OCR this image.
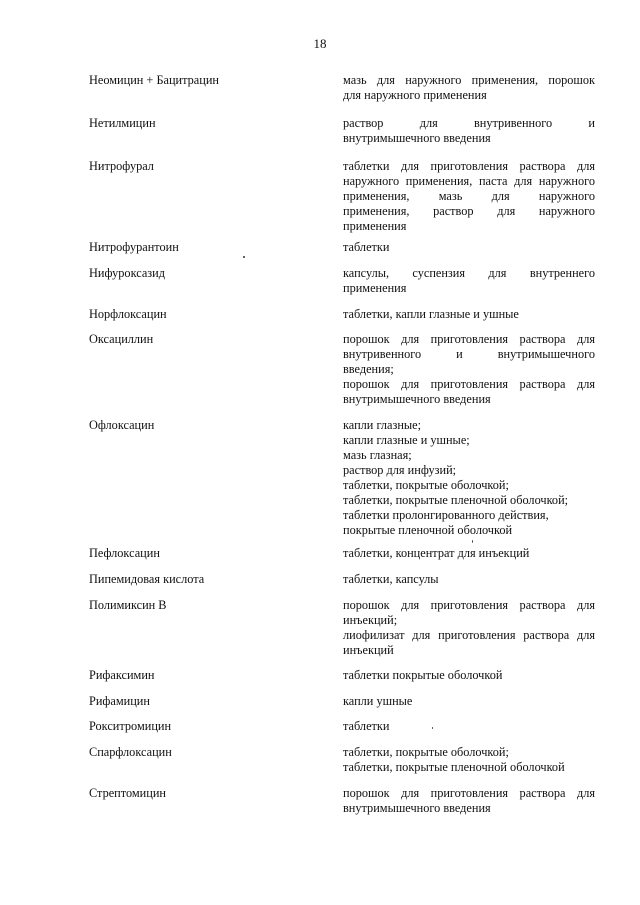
18
Неомицин + Бацитрацин	мазь для наружного применения, порошок
для наружного применения
Нетилмицин	раствор для внутривенного и
внутримышечного введения
Нитрофурал	таблетки для приготовления раствора для
наружного применения, паста для наружного
применения, мазь для наружного
применения, раствор для наружного
применения
Нитрофурантоин	таблетки
Нифуроксазид	капсулы, суспензия для внутреннего
применения
Норфлоксацин	таблетки, капли глазные и ушные
Оксациллин	порошок для приготовления раствора для
внутривенного и внутримышечного
введения;
порошок для приготовления раствора для
внутримышечного введения
Офлоксацин	капли глазные;
капли глазные и ушные;
мазь глазная;
раствор для инфузий;
таблетки, покрытые оболочкой;
таблетки, покрытые пленочной оболочкой;
таблетки пролонгированного действия,
покрытые пленочной оболочкой
Пефлоксацин	таблетки, концентрат для инъекций
Пипемидовая кислота	таблетки, капсулы
Полимиксин В	порошок для приготовления раствора для
инъекций;
лиофилизат для приготовления раствора для
инъекций
Рифаксимин	таблетки покрытые оболочкой
Рифамицин	капли ушные
Рокситромицин	таблетки
Спарфлоксацин	таблетки, покрытые оболочкой;
таблетки, покрытые пленочной оболочкой
Стрептомицин	порошок для приготовления раствора для
внутримышечного введения
